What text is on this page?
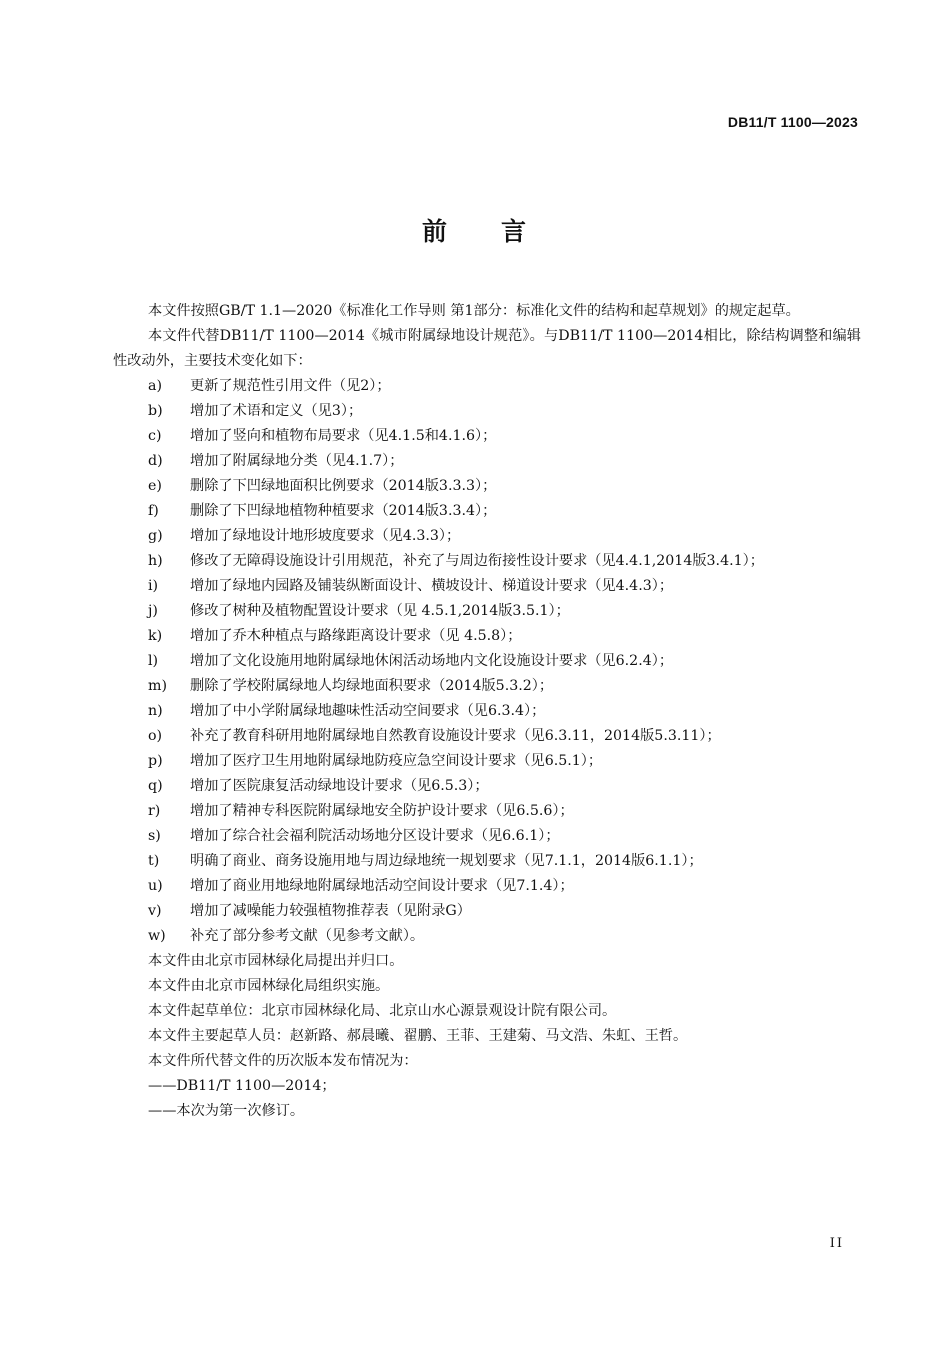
DB11/T 1100—2023
前 言

本文件按照GB/T 1.1—2020《标准化工作导则 第1部分：标准化文件的结构和起草规划》的规定起草。

本文件代替DB11/T 1100—2014《城市附属绿地设计规范》。与DB11/T 1100—2014相比，除结构调整和编辑性改动外，主要技术变化如下：

a)	更新了规范性引用文件（见2）；
b)	增加了术语和定义（见3）；
c)	增加了竖向和植物布局要求（见4.1.5和4.1.6）；
d)	增加了附属绿地分类（见4.1.7）；
e)	删除了下凹绿地面积比例要求（2014版3.3.3）；
f)	删除了下凹绿地植物种植要求（2014版3.3.4）；
g)	增加了绿地设计地形坡度要求（见4.3.3）；
h)	修改了无障碍设施设计引用规范，补充了与周边衔接性设计要求（见4.4.1,2014版3.4.1）；
i)	增加了绿地内园路及铺装纵断面设计、横坡设计、梯道设计要求（见4.4.3）；
j)	修改了树种及植物配置设计要求（见 4.5.1,2014版3.5.1）；
k)	增加了乔木种植点与路缘距离设计要求（见 4.5.8）；
l)	增加了文化设施用地附属绿地休闲活动场地内文化设施设计要求（见6.2.4）；
m)	删除了学校附属绿地人均绿地面积要求（2014版5.3.2）；
n)	增加了中小学附属绿地趣味性活动空间要求（见6.3.4）；
o)	补充了教育科研用地附属绿地自然教育设施设计要求（见6.3.11，2014版5.3.11）；
p)	增加了医疗卫生用地附属绿地防疫应急空间设计要求（见6.5.1）；
q)	增加了医院康复活动绿地设计要求（见6.5.3）；
r)	增加了精神专科医院附属绿地安全防护设计要求（见6.5.6）；
s)	增加了综合社会福利院活动场地分区设计要求（见6.6.1）；
t)	明确了商业、商务设施用地与周边绿地统一规划要求（见7.1.1，2014版6.1.1）；
u)	增加了商业用地绿地附属绿地活动空间设计要求（见7.1.4）；
v)	增加了减噪能力较强植物推荐表（见附录G）
w)	补充了部分参考文献（见参考文献）。

本文件由北京市园林绿化局提出并归口。

本文件由北京市园林绿化局组织实施。

本文件起草单位：北京市园林绿化局、北京山水心源景观设计院有限公司。

本文件主要起草人员：赵新路、郝晨曦、翟鹏、王菲、王建菊、马文浩、朱虹、王哲。

本文件所代替文件的历次版本发布情况为：

——DB11/T 1100—2014；

——本次为第一次修订。

II
